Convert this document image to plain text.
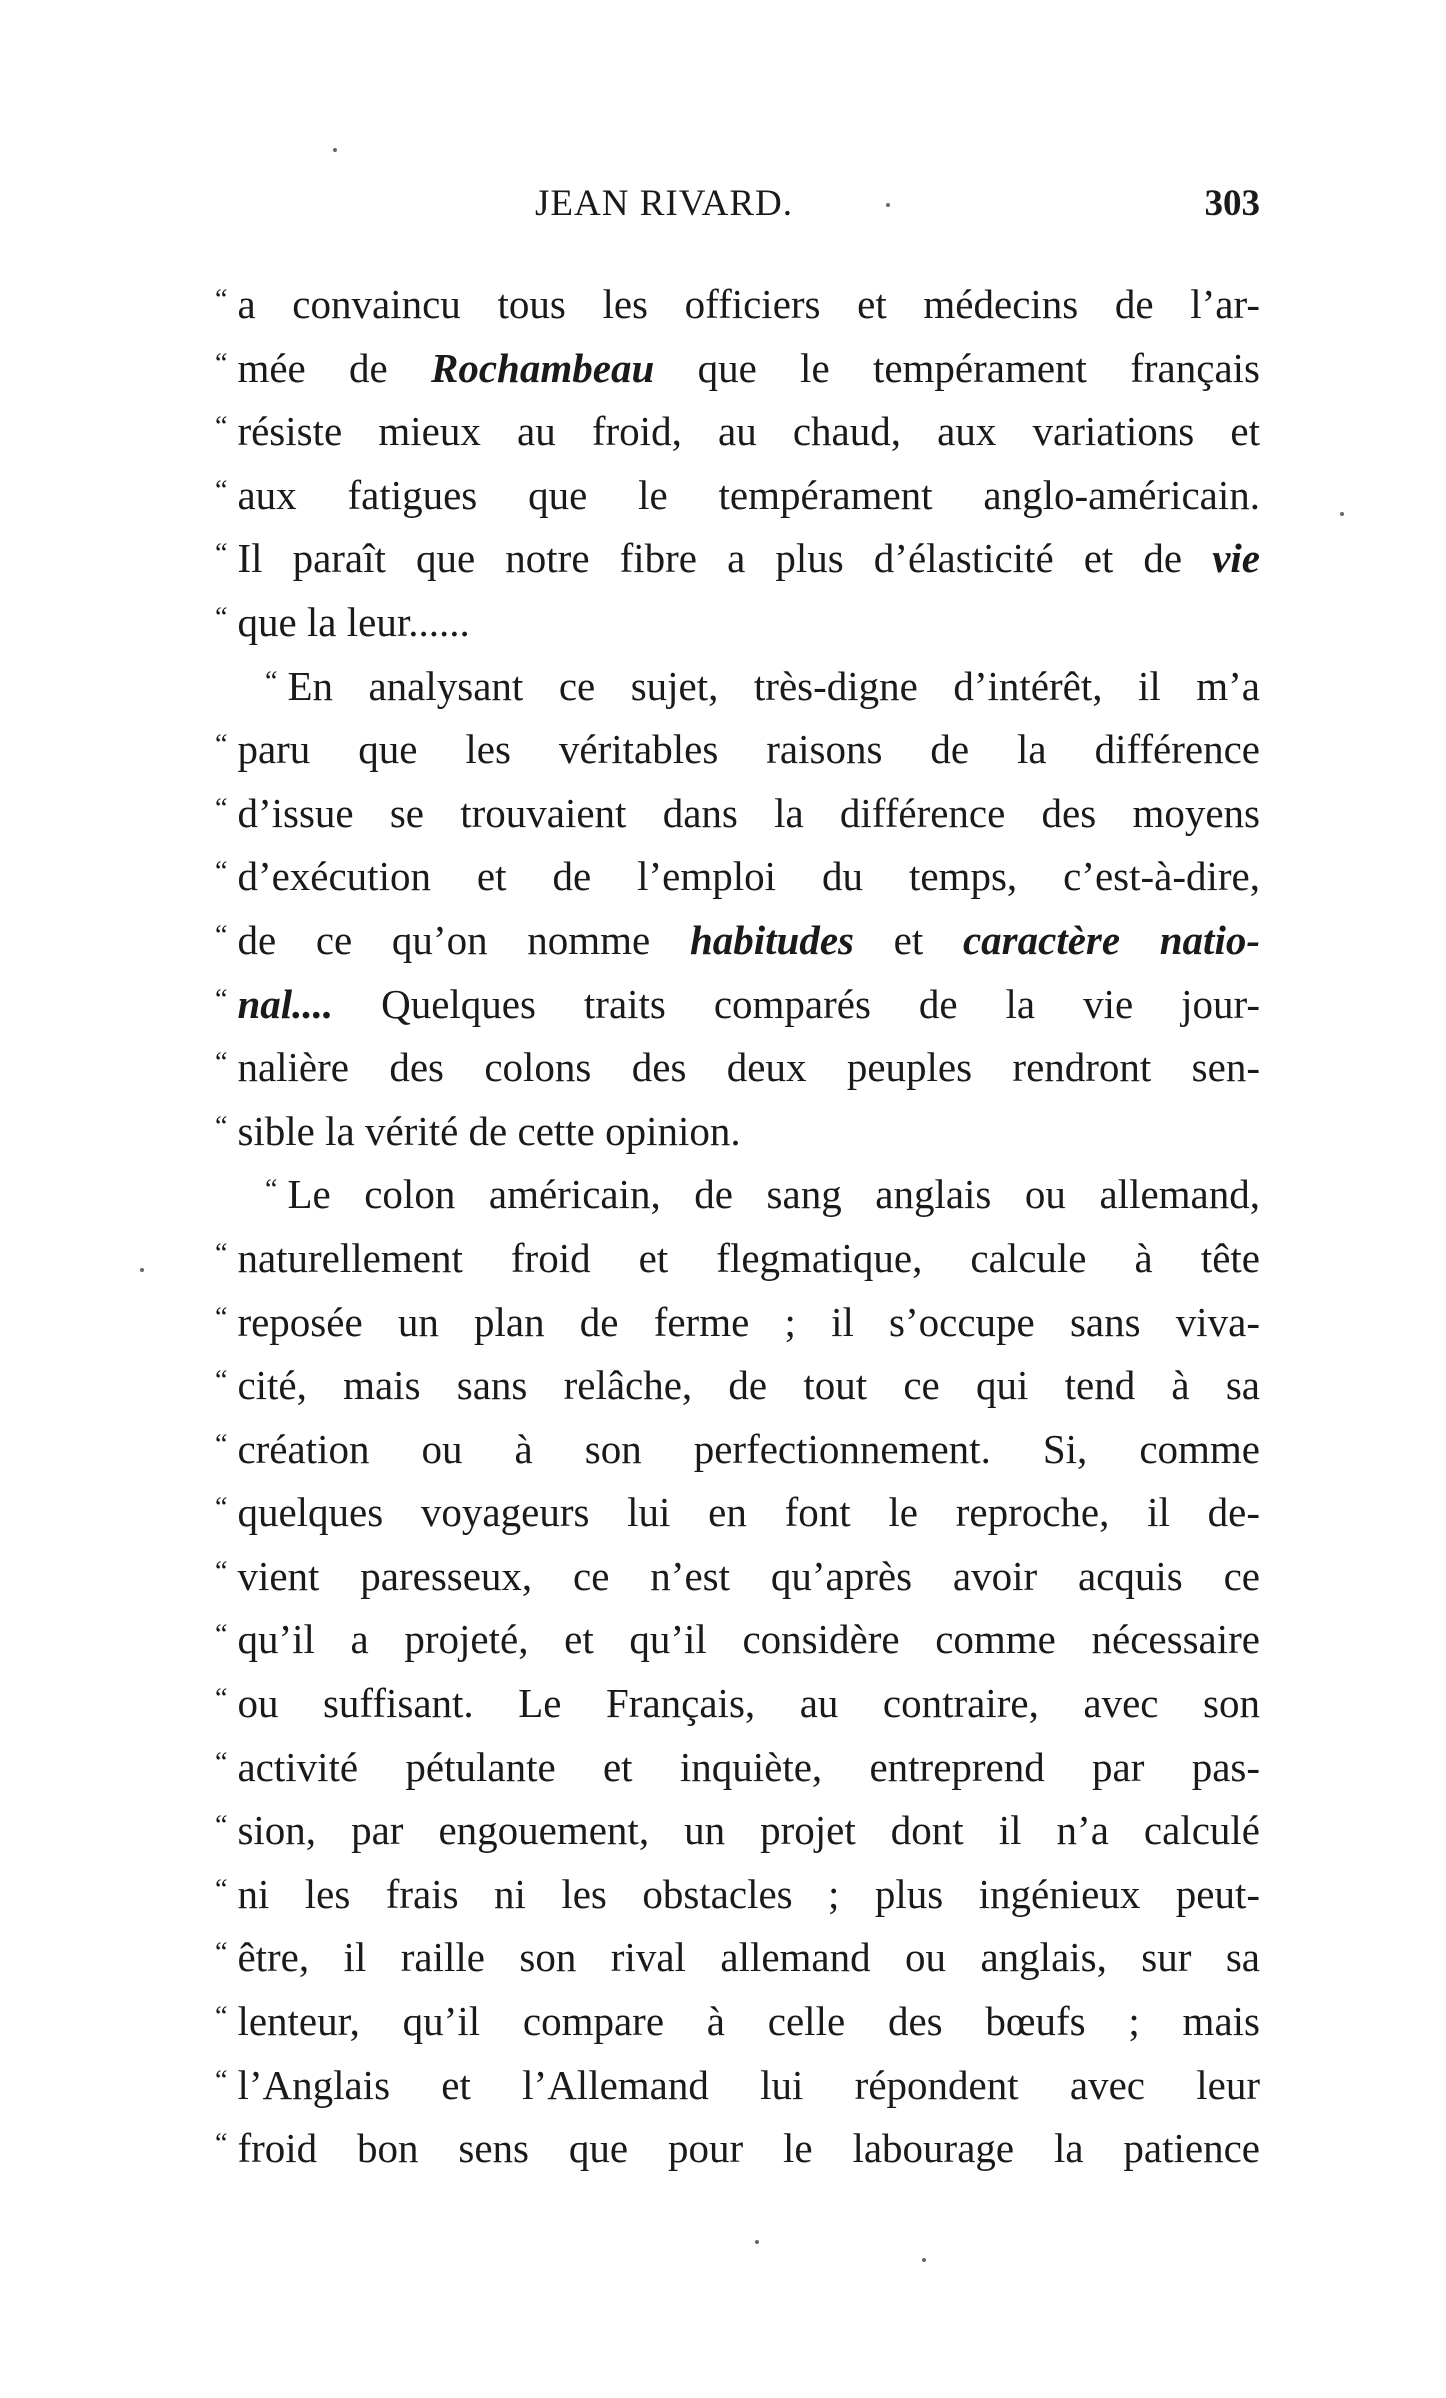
JEAN RIVARD.	303
“ a convaincu tous les officiers et médecins de l’ar-
“ mée de Rochambeau que le tempérament français
“ résiste mieux au froid, au chaud, aux variations et
“ aux fatigues que le tempérament anglo-américain.
“ Il paraît que notre fibre a plus d’élasticité et de vie
“ que la leur......
“ En analysant ce sujet, très-digne d’intérêt, il m’a
“ paru que les véritables raisons de la différence
“ d’issue se trouvaient dans la différence des moyens
“ d’exécution et de l’emploi du temps, c’est-à-dire,
“ de ce qu’on nomme habitudes et caractère natio-
“ nal.... Quelques traits comparés de la vie jour-
“ nalière des colons des deux peuples rendront sen-
“ sible la vérité de cette opinion.
“ Le colon américain, de sang anglais ou allemand,
“ naturellement froid et flegmatique, calcule à tête
“ reposée un plan de ferme ; il s’occupe sans viva-
“ cité, mais sans relâche, de tout ce qui tend à sa
“ création ou à son perfectionnement. Si, comme
“ quelques voyageurs lui en font le reproche, il de-
“ vient paresseux, ce n’est qu’après avoir acquis ce
“ qu’il a projeté, et qu’il considère comme nécessaire
“ ou suffisant. Le Français, au contraire, avec son
“ activité pétulante et inquiète, entreprend par pas-
“ sion, par engouement, un projet dont il n’a calculé
“ ni les frais ni les obstacles ; plus ingénieux peut-
“ être, il raille son rival allemand ou anglais, sur sa
“ lenteur, qu’il compare à celle des bœufs ; mais
“ l’Anglais et l’Allemand lui répondent avec leur
“ froid bon sens que pour le labourage la patience
